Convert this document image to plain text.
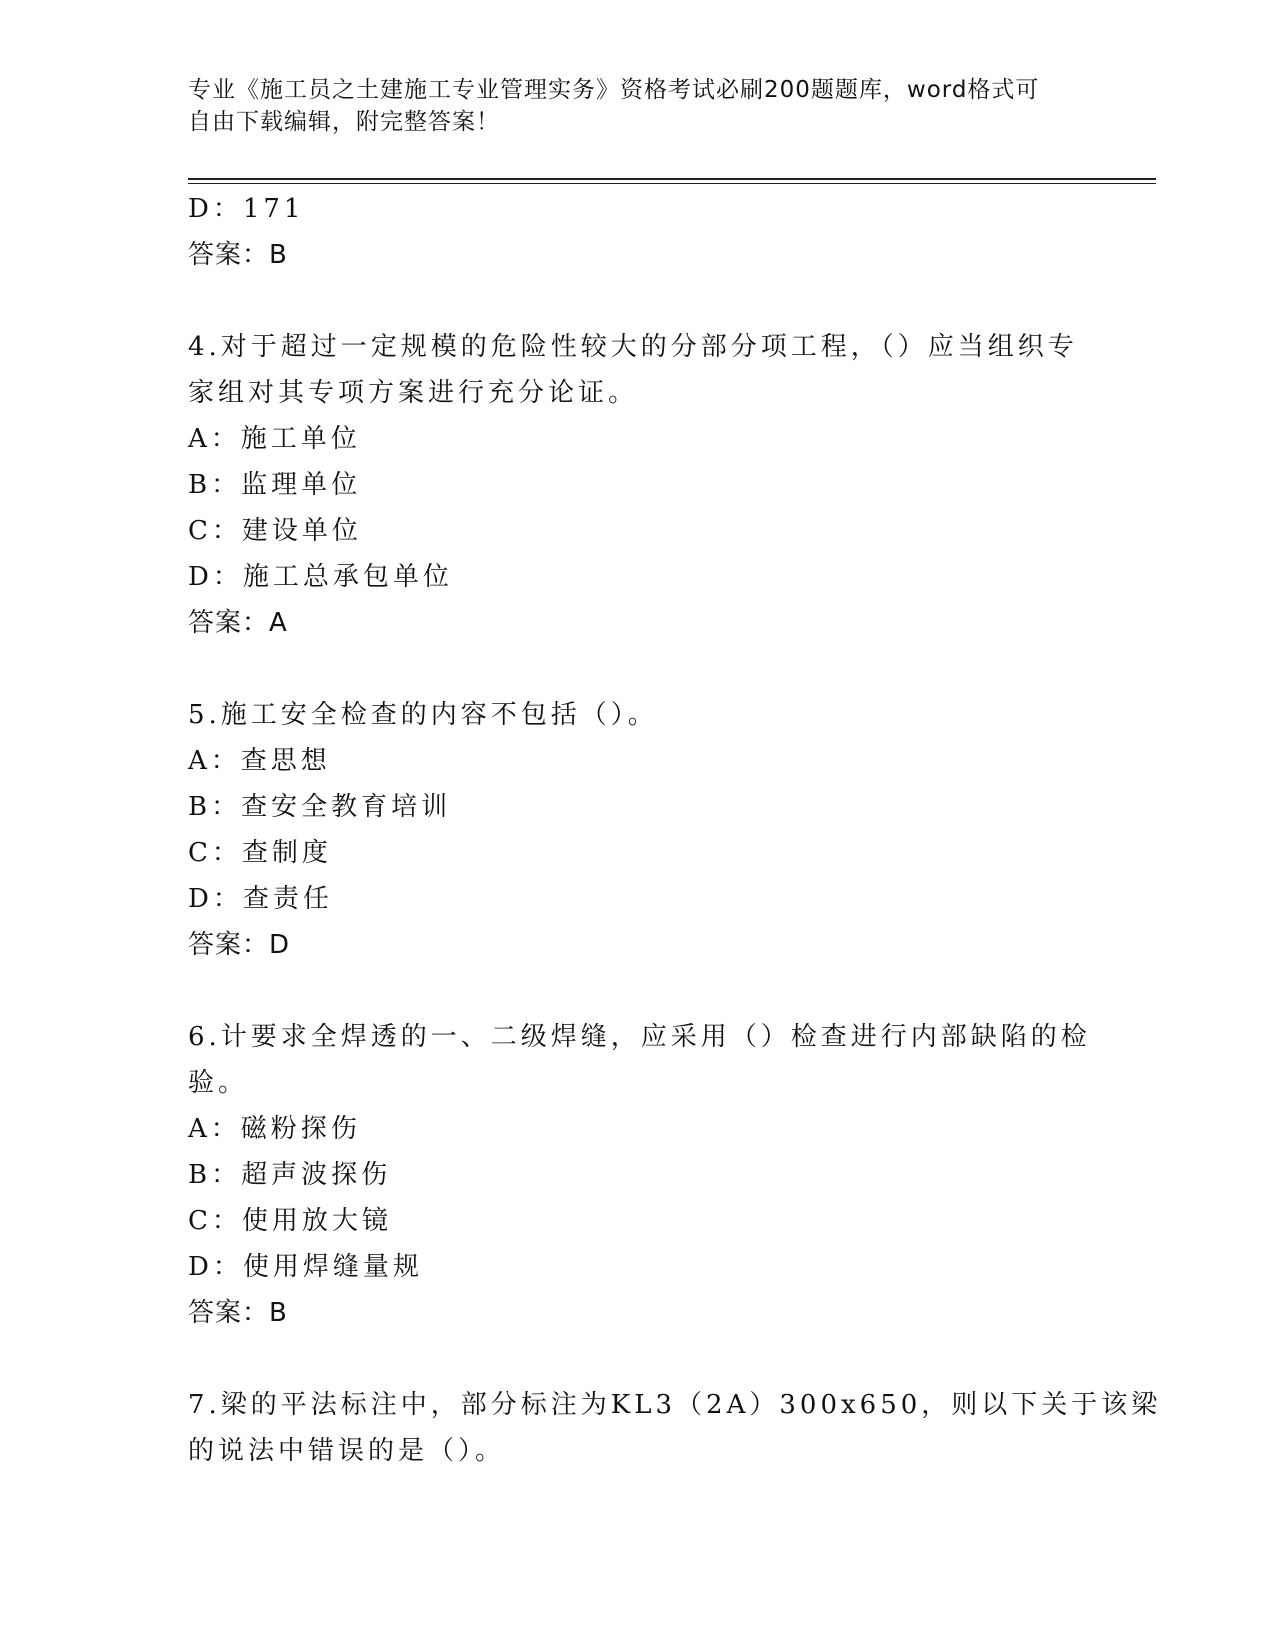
专业《施工员之土建施工专业管理实务》资格考试必刷200题题库，word格式可
自由下载编辑，附完整答案！
D：171
答案：B
4.对于超过一定规模的危险性较大的分部分项工程，（）应当组织专
家组对其专项方案进行充分论证。
A：施工单位
B：监理单位
C：建设单位
D：施工总承包单位
答案：A
5.施工安全检查的内容不包括（）。
A：查思想
B：查安全教育培训
C：查制度
D：查责任
答案：D
6.计要求全焊透的一、二级焊缝，应采用（）检查进行内部缺陷的检
验。
A：磁粉探伤
B：超声波探伤
C：使用放大镜
D：使用焊缝量规
答案：B
7.梁的平法标注中，部分标注为KL3（2A）300x650，则以下关于该梁
的说法中错误的是（）。
